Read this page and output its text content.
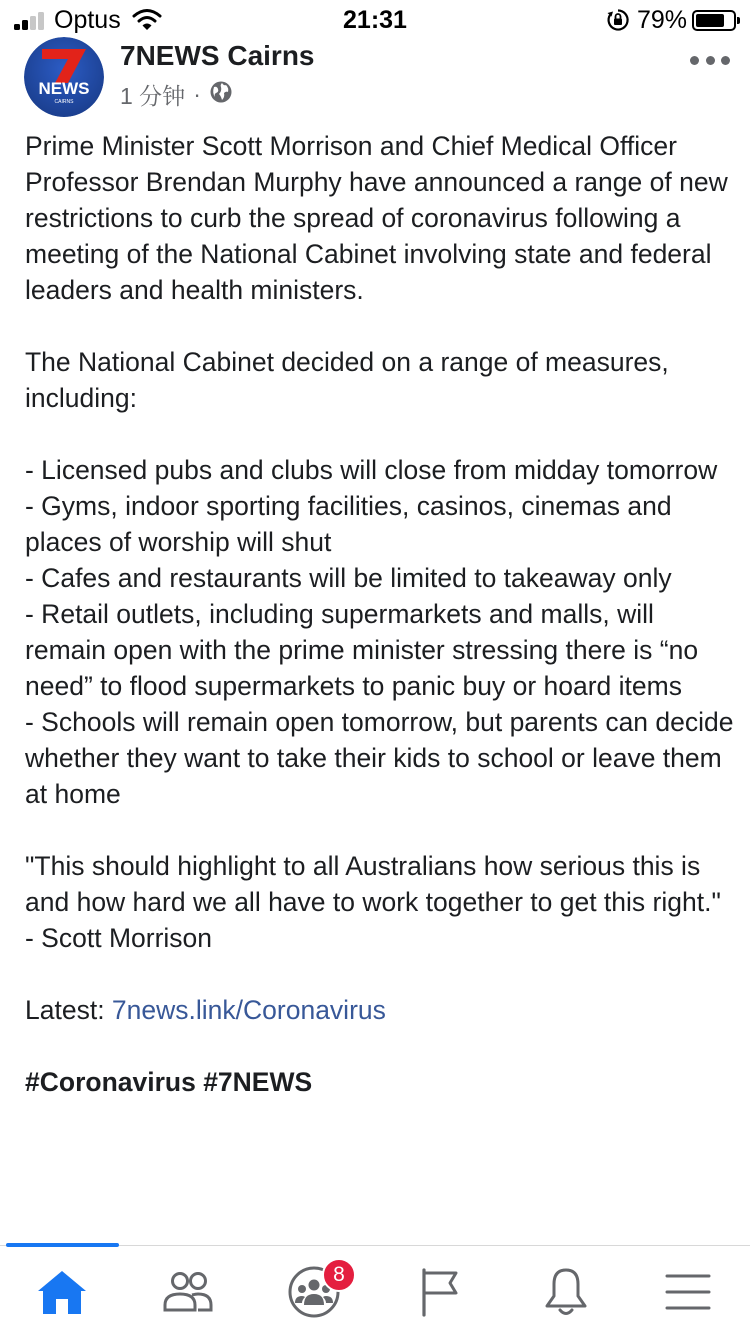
Optus	21:31	79%
NEWS
CAIRNS
7NEWS Cairns
1 分钟 ·

Prime Minister Scott Morrison and Chief Medical Officer Professor Brendan Murphy have announced a range of new restrictions to curb the spread of coronavirus following a meeting of the National Cabinet involving state and federal leaders and health ministers.

The National Cabinet decided on a range of measures, including:

- Licensed pubs and clubs will close from midday tomorrow

- Gyms, indoor sporting facilities, casinos, cinemas and places of worship will shut

- Cafes and restaurants will be limited to takeaway only

- Retail outlets, including supermarkets and malls, will remain open with the prime minister stressing there is “no need” to flood supermarkets to panic buy or hoard items

- Schools will remain open tomorrow, but parents can decide whether they want to take their kids to school or leave them at home

"This should highlight to all Australians how serious this is and how hard we all have to work together to get this right." - Scott Morrison

Latest: 7news.link/Coronavirus

#Coronavirus #7NEWS

8
